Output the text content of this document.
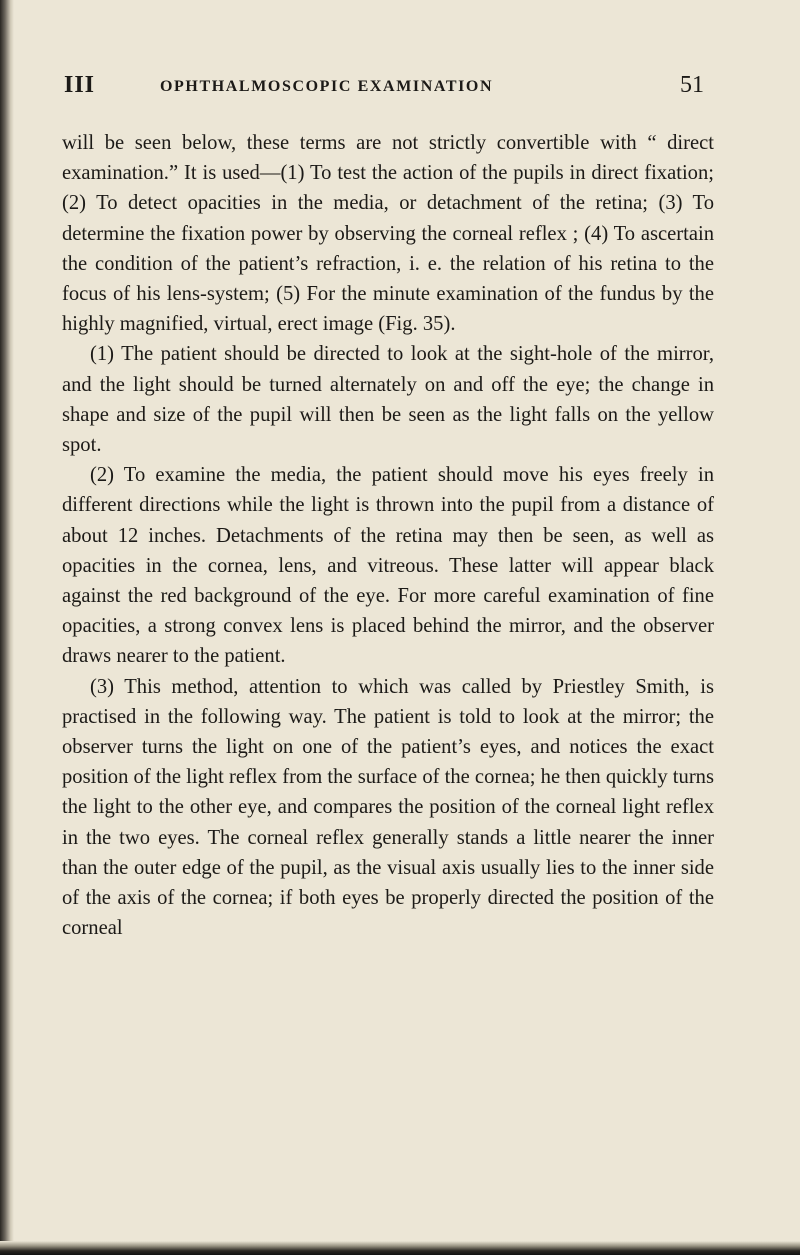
III	OPHTHALMOSCOPIC EXAMINATION	51

will be seen below, these terms are not strictly convertible with “ direct examination.” It is used—(1) To test the action of the pupils in direct fixation; (2) To detect opacities in the media, or detachment of the retina; (3) To determine the fixation power by observing the corneal reflex ; (4) To ascertain the condition of the patient’s refraction, i. e. the relation of his retina to the focus of his lens-system; (5) For the minute examination of the fundus by the highly magnified, virtual, erect image (Fig. 35).

(1) The patient should be directed to look at the sight-hole of the mirror, and the light should be turned alternately on and off the eye; the change in shape and size of the pupil will then be seen as the light falls on the yellow spot.

(2) To examine the media, the patient should move his eyes freely in different directions while the light is thrown into the pupil from a distance of about 12 inches. Detachments of the retina may then be seen, as well as opacities in the cornea, lens, and vitreous. These latter will appear black against the red background of the eye. For more careful examination of fine opacities, a strong convex lens is placed behind the mirror, and the observer draws nearer to the patient.

(3) This method, attention to which was called by Priestley Smith, is practised in the following way. The patient is told to look at the mirror; the observer turns the light on one of the patient’s eyes, and notices the exact position of the light reflex from the surface of the cornea; he then quickly turns the light to the other eye, and compares the position of the corneal light reflex in the two eyes. The corneal reflex generally stands a little nearer the inner than the outer edge of the pupil, as the visual axis usually lies to the inner side of the axis of the cornea; if both eyes be properly directed the position of the corneal
